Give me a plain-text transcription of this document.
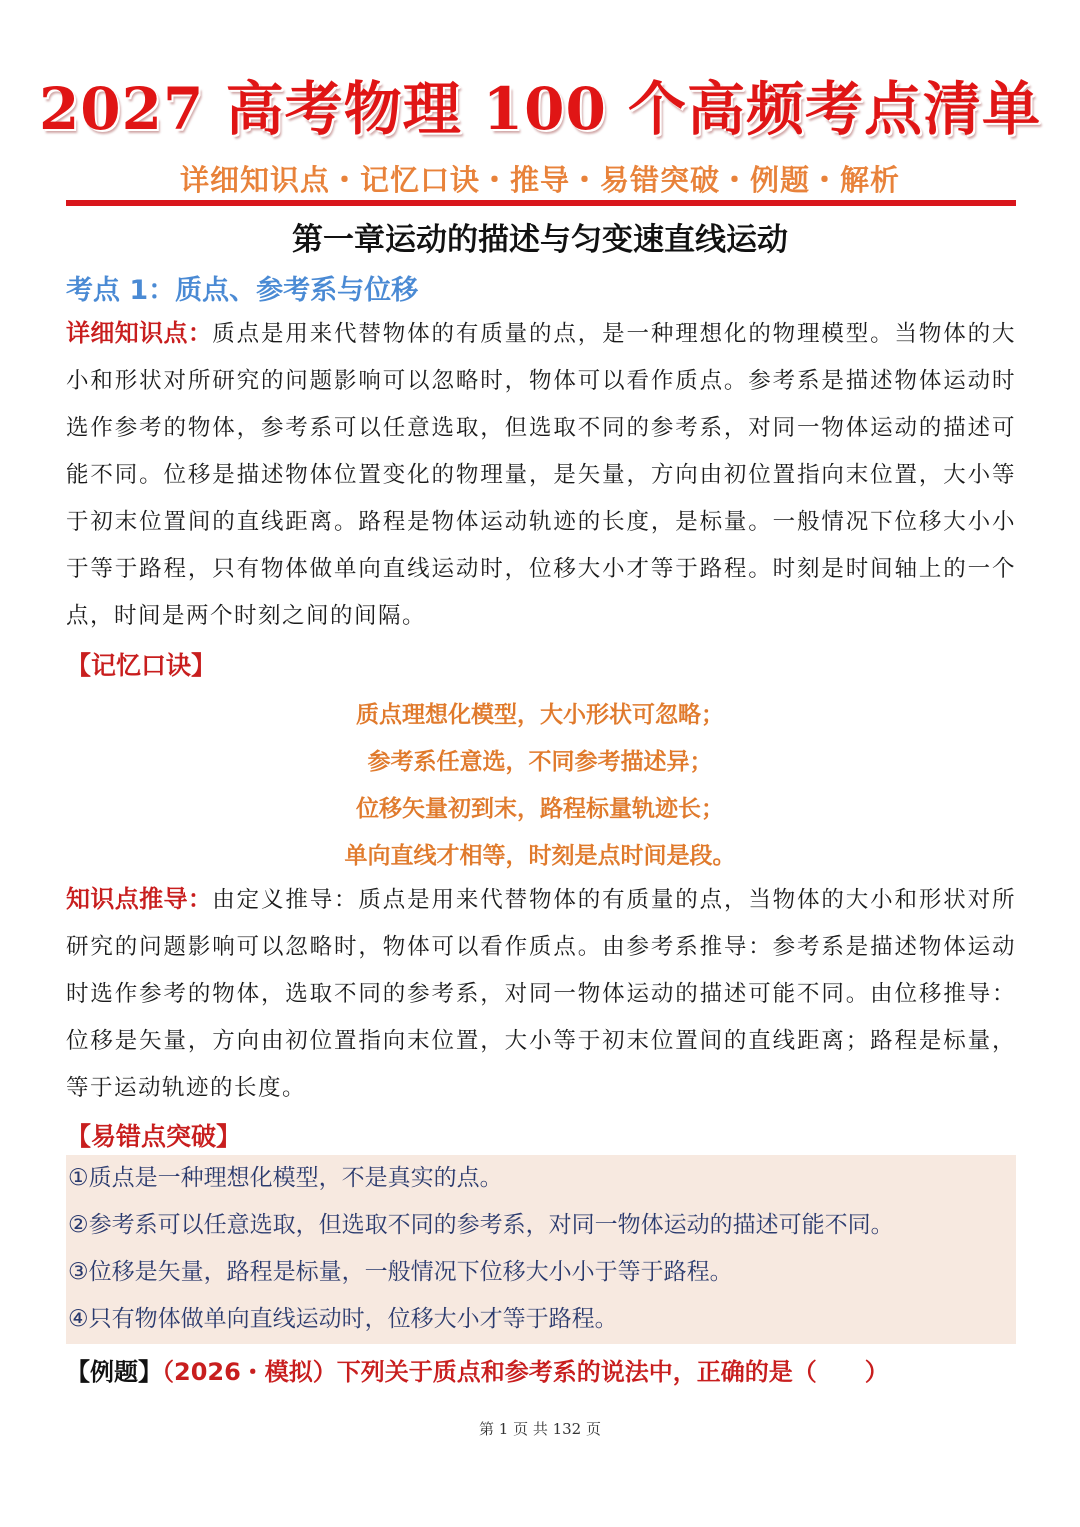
2027 高考物理 100 个高频考点清单
详细知识点・记忆口诀・推导・易错突破・例题・解析
第一章运动的描述与匀变速直线运动
考点 1：质点、参考系与位移
详细知识点：质点是用来代替物体的有质量的点，是一种理想化的物理模型。当物体的大小和形状对所研究的问题影响可以忽略时，物体可以看作质点。参考系是描述物体运动时选作参考的物体，参考系可以任意选取，但选取不同的参考系，对同一物体运动的描述可能不同。位移是描述物体位置变化的物理量，是矢量，方向由初位置指向末位置，大小等于初末位置间的直线距离。路程是物体运动轨迹的长度，是标量。一般情况下位移大小小于等于路程，只有物体做单向直线运动时，位移大小才等于路程。时刻是时间轴上的一个点，时间是两个时刻之间的间隔。
【记忆口诀】
质点理想化模型，大小形状可忽略；
参考系任意选，不同参考描述异；
位移矢量初到末，路程标量轨迹长；
单向直线才相等，时刻是点时间是段。
知识点推导：由定义推导：质点是用来代替物体的有质量的点，当物体的大小和形状对所研究的问题影响可以忽略时，物体可以看作质点。由参考系推导：参考系是描述物体运动时选作参考的物体，选取不同的参考系，对同一物体运动的描述可能不同。由位移推导：位移是矢量，方向由初位置指向末位置，大小等于初末位置间的直线距离；路程是标量，等于运动轨迹的长度。
【易错点突破】
①质点是一种理想化模型，不是真实的点。
②参考系可以任意选取，但选取不同的参考系，对同一物体运动的描述可能不同。
③位移是矢量，路程是标量，一般情况下位移大小小于等于路程。
④只有物体做单向直线运动时，位移大小才等于路程。
【例题】（2026・模拟）下列关于质点和参考系的说法中，正确的是（　　）
第 1 页 共 132 页
